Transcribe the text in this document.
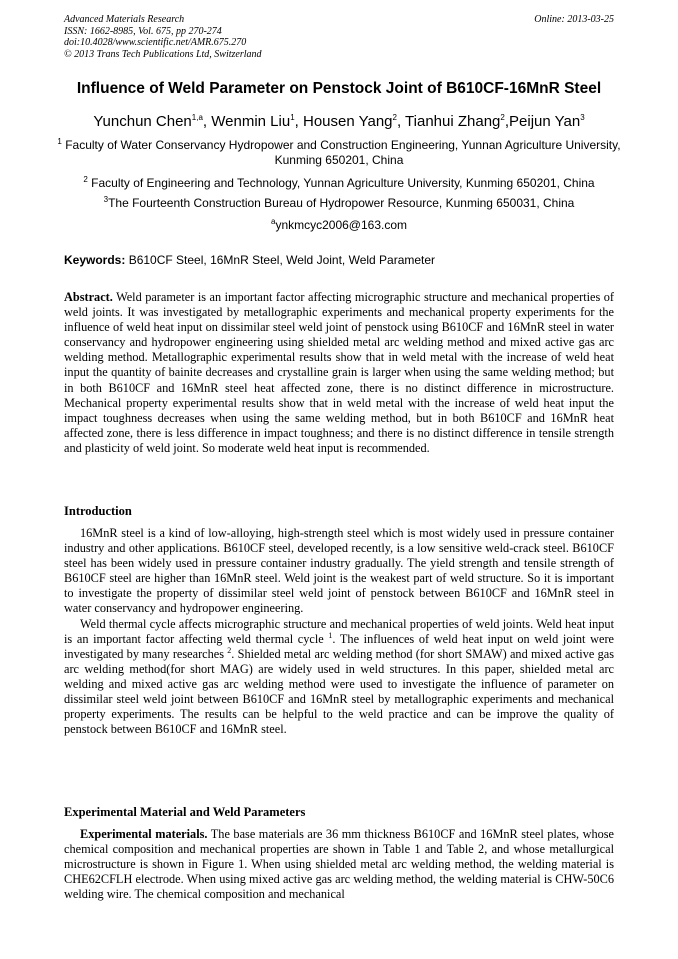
Advanced Materials Research
ISSN: 1662-8985, Vol. 675, pp 270-274
doi:10.4028/www.scientific.net/AMR.675.270
© 2013 Trans Tech Publications Ltd, Switzerland
Online: 2013-03-25
Influence of Weld Parameter on Penstock Joint of B610CF-16MnR Steel
Yunchun Chen$^{1,a}$, Wenmin Liu$^1$, Housen Yang$^2$, Tianhui Zhang$^2$,Peijun Yan$^3$
$^1$ Faculty of Water Conservancy Hydropower and Construction Engineering, Yunnan Agriculture University, Kunming 650201, China
$^2$ Faculty of Engineering and Technology, Yunnan Agriculture University, Kunming 650201, China
$^3$The Fourteenth Construction Bureau of Hydropower Resource, Kunming 650031, China
$^a$ynkmcyc2006@163.com
Keywords: B610CF Steel, 16MnR Steel, Weld Joint, Weld Parameter

Abstract. Weld parameter is an important factor affecting micrographic structure and mechanical properties of weld joints. It was investigated by metallographic experiments and mechanical property experiments for the influence of weld heat input on dissimilar steel weld joint of penstock using B610CF and 16MnR steel in water conservancy and hydropower engineering using shielded metal arc welding method and mixed active gas arc welding method. Metallographic experimental results show that in weld metal with the increase of weld heat input the quantity of bainite decreases and crystalline grain is larger when using the same welding method; but in both B610CF and 16MnR steel heat affected zone, there is no distinct difference in microstructure. Mechanical property experimental results show that in weld metal with the increase of weld heat input the impact toughness decreases when using the same welding method, but in both B610CF and 16MnR heat affected zone, there is less difference in impact toughness; and there is no distinct difference in tensile strength and plasticity of weld joint. So moderate weld heat input is recommended.

Introduction

16MnR steel is a kind of low-alloying, high-strength steel which is most widely used in pressure container industry and other applications. B610CF steel, developed recently, is a low sensitive weld-crack steel. B610CF steel has been widely used in pressure container industry gradually. The yield strength and tensile strength of B610CF steel are higher than 16MnR steel. Weld joint is the weakest part of weld structure. So it is important to investigate the property of dissimilar steel weld joint of penstock between B610CF and 16MnR steel in water conservancy and hydropower engineering.

Weld thermal cycle affects micrographic structure and mechanical properties of weld joints. Weld heat input is an important factor affecting weld thermal cycle $^1$. The influences of weld heat input on weld joint were investigated by many researches $^2$. Shielded metal arc welding method (for short SMAW) and mixed active gas arc welding method(for short MAG) are widely used in weld structures. In this paper, shielded metal arc welding and mixed active gas arc welding method were used to investigate the influence of parameter on dissimilar steel weld joint between B610CF and 16MnR steel by metallographic experiments and mechanical property experiments. The results can be helpful to the weld practice and can be improve the quality of penstock between B610CF and 16MnR steel.

Experimental Material and Weld Parameters

Experimental materials. The base materials are 36 mm thickness B610CF and 16MnR steel plates, whose chemical composition and mechanical properties are shown in Table 1 and Table 2, and whose metallurgical microstructure is shown in Figure 1. When using shielded metal arc welding method, the welding material is CHE62CFLH electrode. When using mixed active gas arc welding method, the welding material is CHW-50C6 welding wire. The chemical composition and mechanical
